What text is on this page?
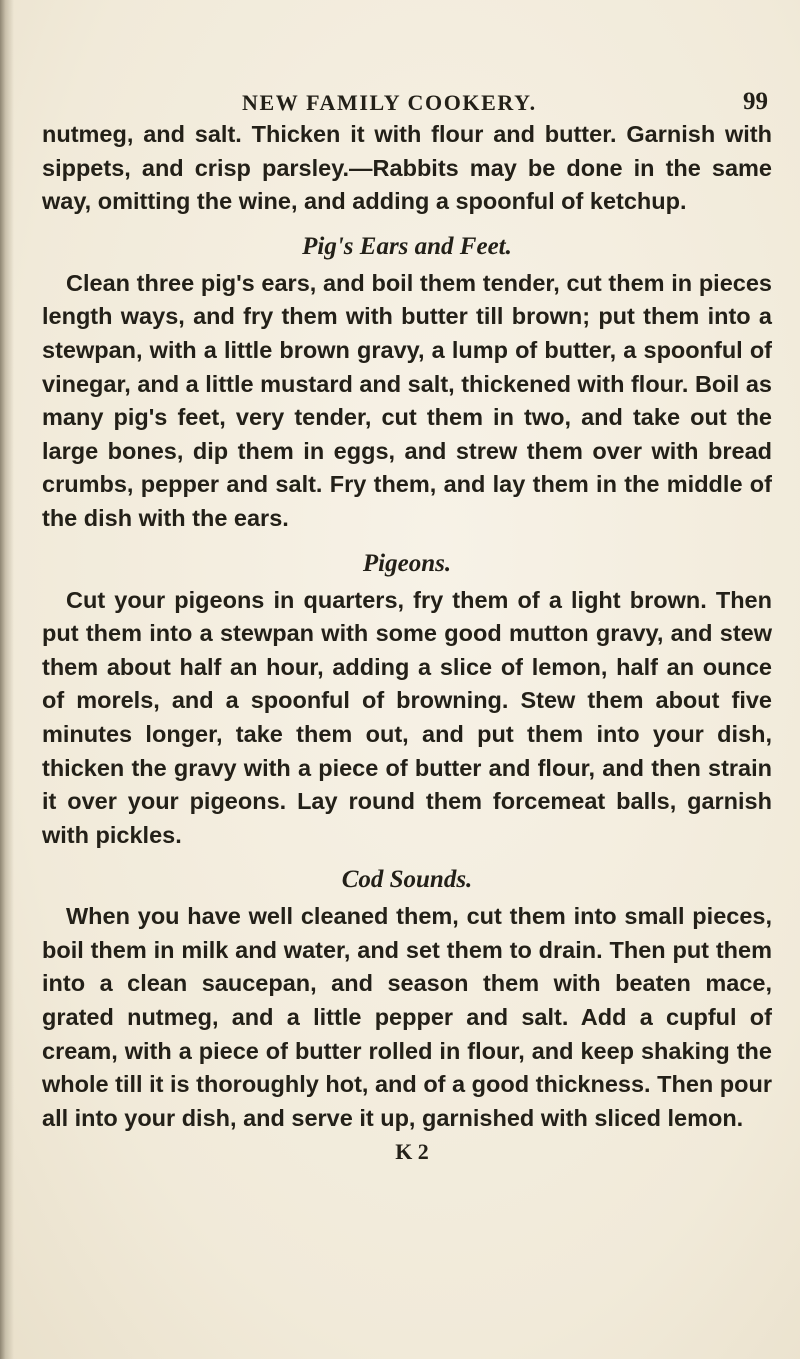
NEW FAMILY COOKERY.	99

nutmeg, and salt. Thicken it with flour and butter. Garnish with sippets, and crisp parsley.—Rabbits may be done in the same way, omitting the wine, and adding a spoonful of ketchup.

Pig's Ears and Feet.

Clean three pig's ears, and boil them tender, cut them in pieces length ways, and fry them with butter till brown; put them into a stewpan, with a little brown gravy, a lump of butter, a spoonful of vinegar, and a little mustard and salt, thickened with flour. Boil as many pig's feet, very tender, cut them in two, and take out the large bones, dip them in eggs, and strew them over with bread crumbs, pepper and salt. Fry them, and lay them in the middle of the dish with the ears.

Pigeons.

Cut your pigeons in quarters, fry them of a light brown. Then put them into a stewpan with some good mutton gravy, and stew them about half an hour, adding a slice of lemon, half an ounce of morels, and a spoonful of browning. Stew them about five minutes longer, take them out, and put them into your dish, thicken the gravy with a piece of butter and flour, and then strain it over your pigeons. Lay round them forcemeat balls, garnish with pickles.

Cod Sounds.

When you have well cleaned them, cut them into small pieces, boil them in milk and water, and set them to drain. Then put them into a clean saucepan, and season them with beaten mace, grated nutmeg, and a little pepper and salt. Add a cupful of cream, with a piece of butter rolled in flour, and keep shaking the whole till it is thoroughly hot, and of a good thickness. Then pour all into your dish, and serve it up, garnished with sliced lemon.

K 2
